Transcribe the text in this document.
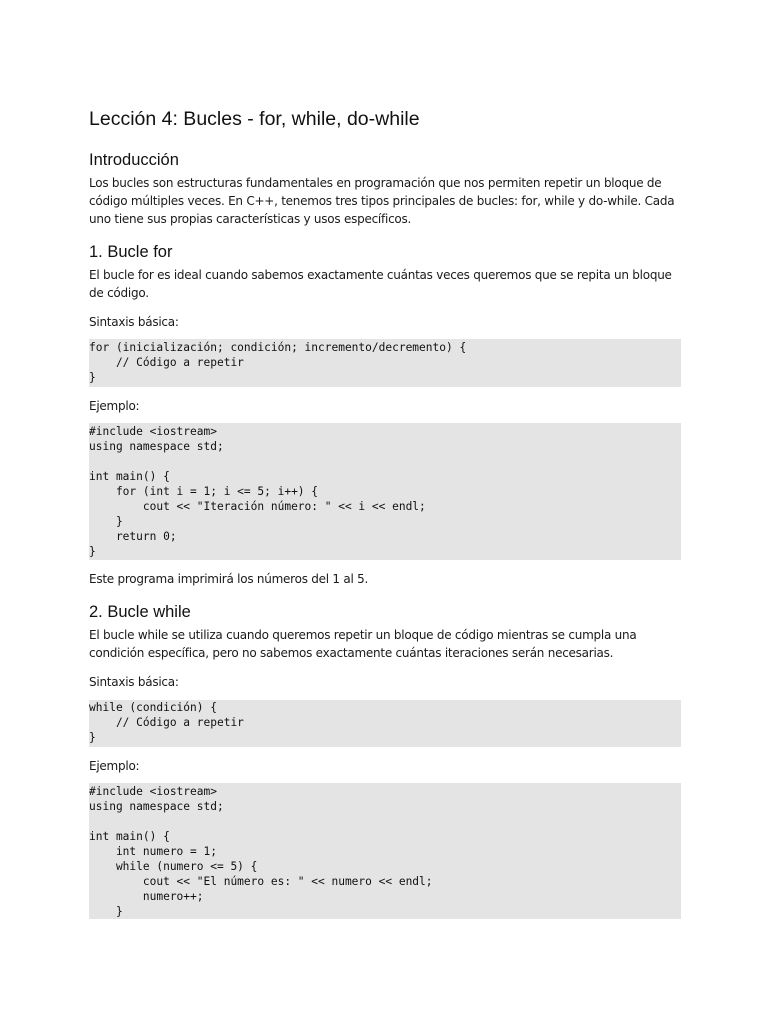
Lección 4: Bucles - for, while, do-while
Introducción

Los bucles son estructuras fundamentales en programación que nos permiten repetir un bloque de código múltiples veces. En C++, tenemos tres tipos principales de bucles: for, while y do-while. Cada uno tiene sus propias características y usos específicos.

1. Bucle for

El bucle for es ideal cuando sabemos exactamente cuántas veces queremos que se repita un bloque de código.

Sintaxis básica:

for (inicialización; condición; incremento/decremento) {
// Código a repetir
}

Ejemplo:

#include <iostream>
using namespace std;

int main() {
for (int i = 1; i <= 5; i++) {
cout << "Iteración número: " << i << endl;
}
return 0;
}

Este programa imprimirá los números del 1 al 5.

2. Bucle while

El bucle while se utiliza cuando queremos repetir un bloque de código mientras se cumpla una condición específica, pero no sabemos exactamente cuántas iteraciones serán necesarias.

Sintaxis básica:

while (condición) {
// Código a repetir
}

Ejemplo:

#include <iostream>
using namespace std;

int main() {
int numero = 1;
while (numero <= 5) {
cout << "El número es: " << numero << endl;
numero++;
}
